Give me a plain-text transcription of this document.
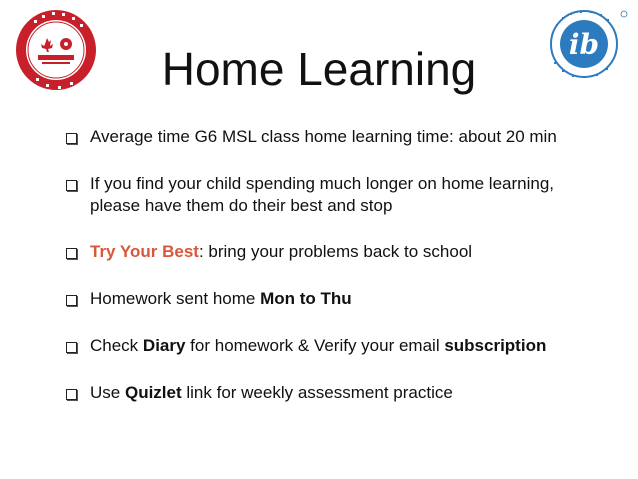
ib
Home Learning
Average time G6 MSL class home learning time: about 20 min
If you find your child spending much longer on home learning,
please have them do their best and stop
Try Your Best: bring your problems back to school
Homework sent home Mon to Thu
Check Diary for homework & Verify your email subscription
Use Quizlet link for weekly assessment practice
